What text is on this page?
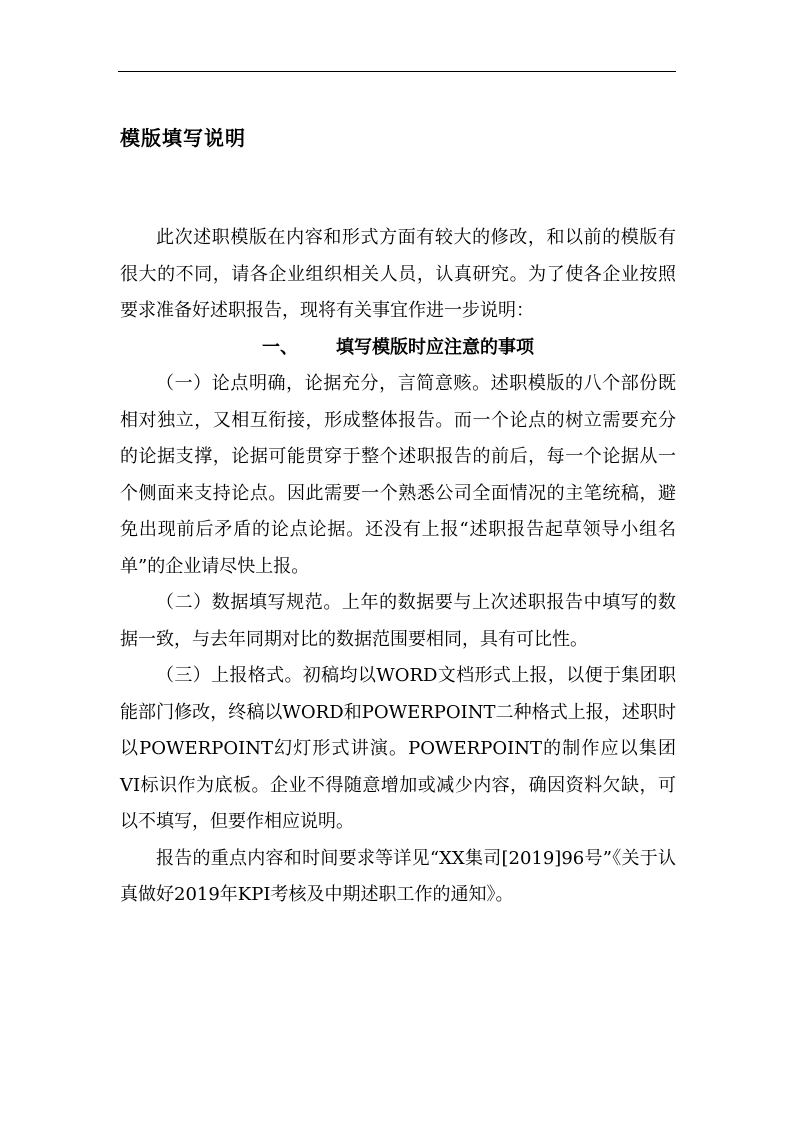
模版填写说明

此次述职模版在内容和形式方面有较大的修改，和以前的模版有很大的不同，请各企业组织相关人员，认真研究。为了使各企业按照要求准备好述职报告，现将有关事宜作进一步说明：

一、 填写模版时应注意的事项

（一）论点明确，论据充分，言简意赅。述职模版的八个部份既相对独立，又相互衔接，形成整体报告。而一个论点的树立需要充分的论据支撑，论据可能贯穿于整个述职报告的前后，每一个论据从一个侧面来支持论点。因此需要一个熟悉公司全面情况的主笔统稿，避免出现前后矛盾的论点论据。还没有上报“述职报告起草领导小组名单”的企业请尽快上报。

（二）数据填写规范。上年的数据要与上次述职报告中填写的数据一致，与去年同期对比的数据范围要相同，具有可比性。

（三）上报格式。初稿均以WORD文档形式上报，以便于集团职能部门修改，终稿以WORD和POWERPOINT二种格式上报，述职时以POWERPOINT幻灯形式讲演。POWERPOINT的制作应以集团VI标识作为底板。企业不得随意增加或减少内容，确因资料欠缺，可以不填写，但要作相应说明。

报告的重点内容和时间要求等详见“XX集司[2019]96号”《关于认真做好2019年KPI考核及中期述职工作的通知》。
